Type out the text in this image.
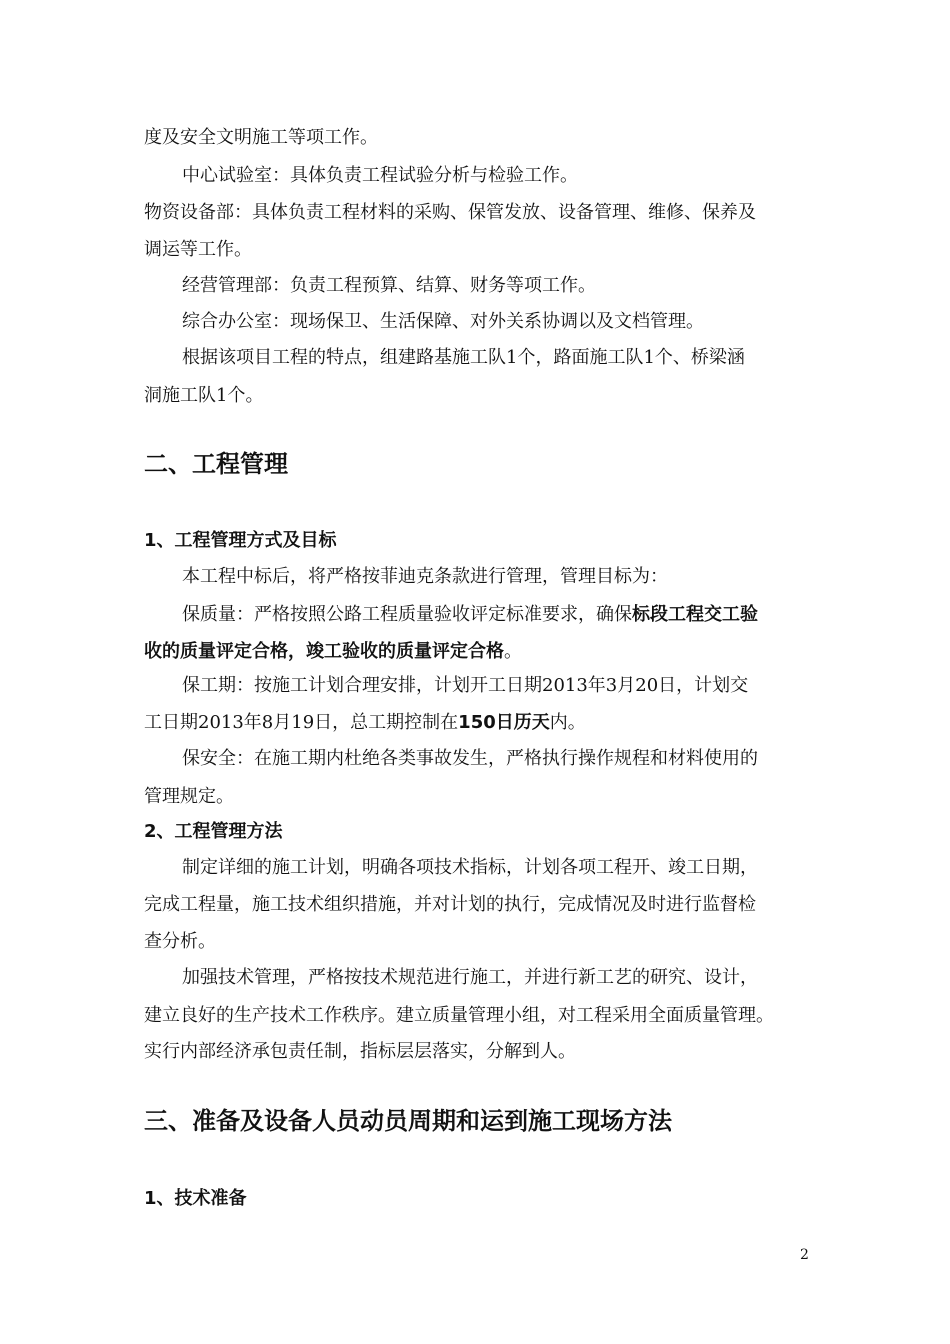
度及安全文明施工等项工作。
中心试验室：具体负责工程试验分析与检验工作。
物资设备部：具体负责工程材料的采购、保管发放、设备管理、维修、保养及
调运等工作。
经营管理部：负责工程预算、结算、财务等项工作。
综合办公室：现场保卫、生活保障、对外关系协调以及文档管理。
根据该项目工程的特点，组建路基施工队1个，路面施工队1个、桥梁涵
洞施工队1个。
二、工程管理
1、工程管理方式及目标
本工程中标后，将严格按菲迪克条款进行管理，管理目标为：
保质量：严格按照公路工程质量验收评定标准要求，确保标段工程交工验
收的质量评定合格，竣工验收的质量评定合格。
保工期：按施工计划合理安排，计划开工日期2013年3月20日，计划交
工日期2013年8月19日，总工期控制在150日历天内。
保安全：在施工期内杜绝各类事故发生，严格执行操作规程和材料使用的
管理规定。
2、工程管理方法
制定详细的施工计划，明确各项技术指标，计划各项工程开、竣工日期，
完成工程量，施工技术组织措施，并对计划的执行，完成情况及时进行监督检
查分析。
加强技术管理，严格按技术规范进行施工，并进行新工艺的研究、设计，
建立良好的生产技术工作秩序。建立质量管理小组，对工程采用全面质量管理。
实行内部经济承包责任制，指标层层落实，分解到人。
三、准备及设备人员动员周期和运到施工现场方法
1、技术准备
2
